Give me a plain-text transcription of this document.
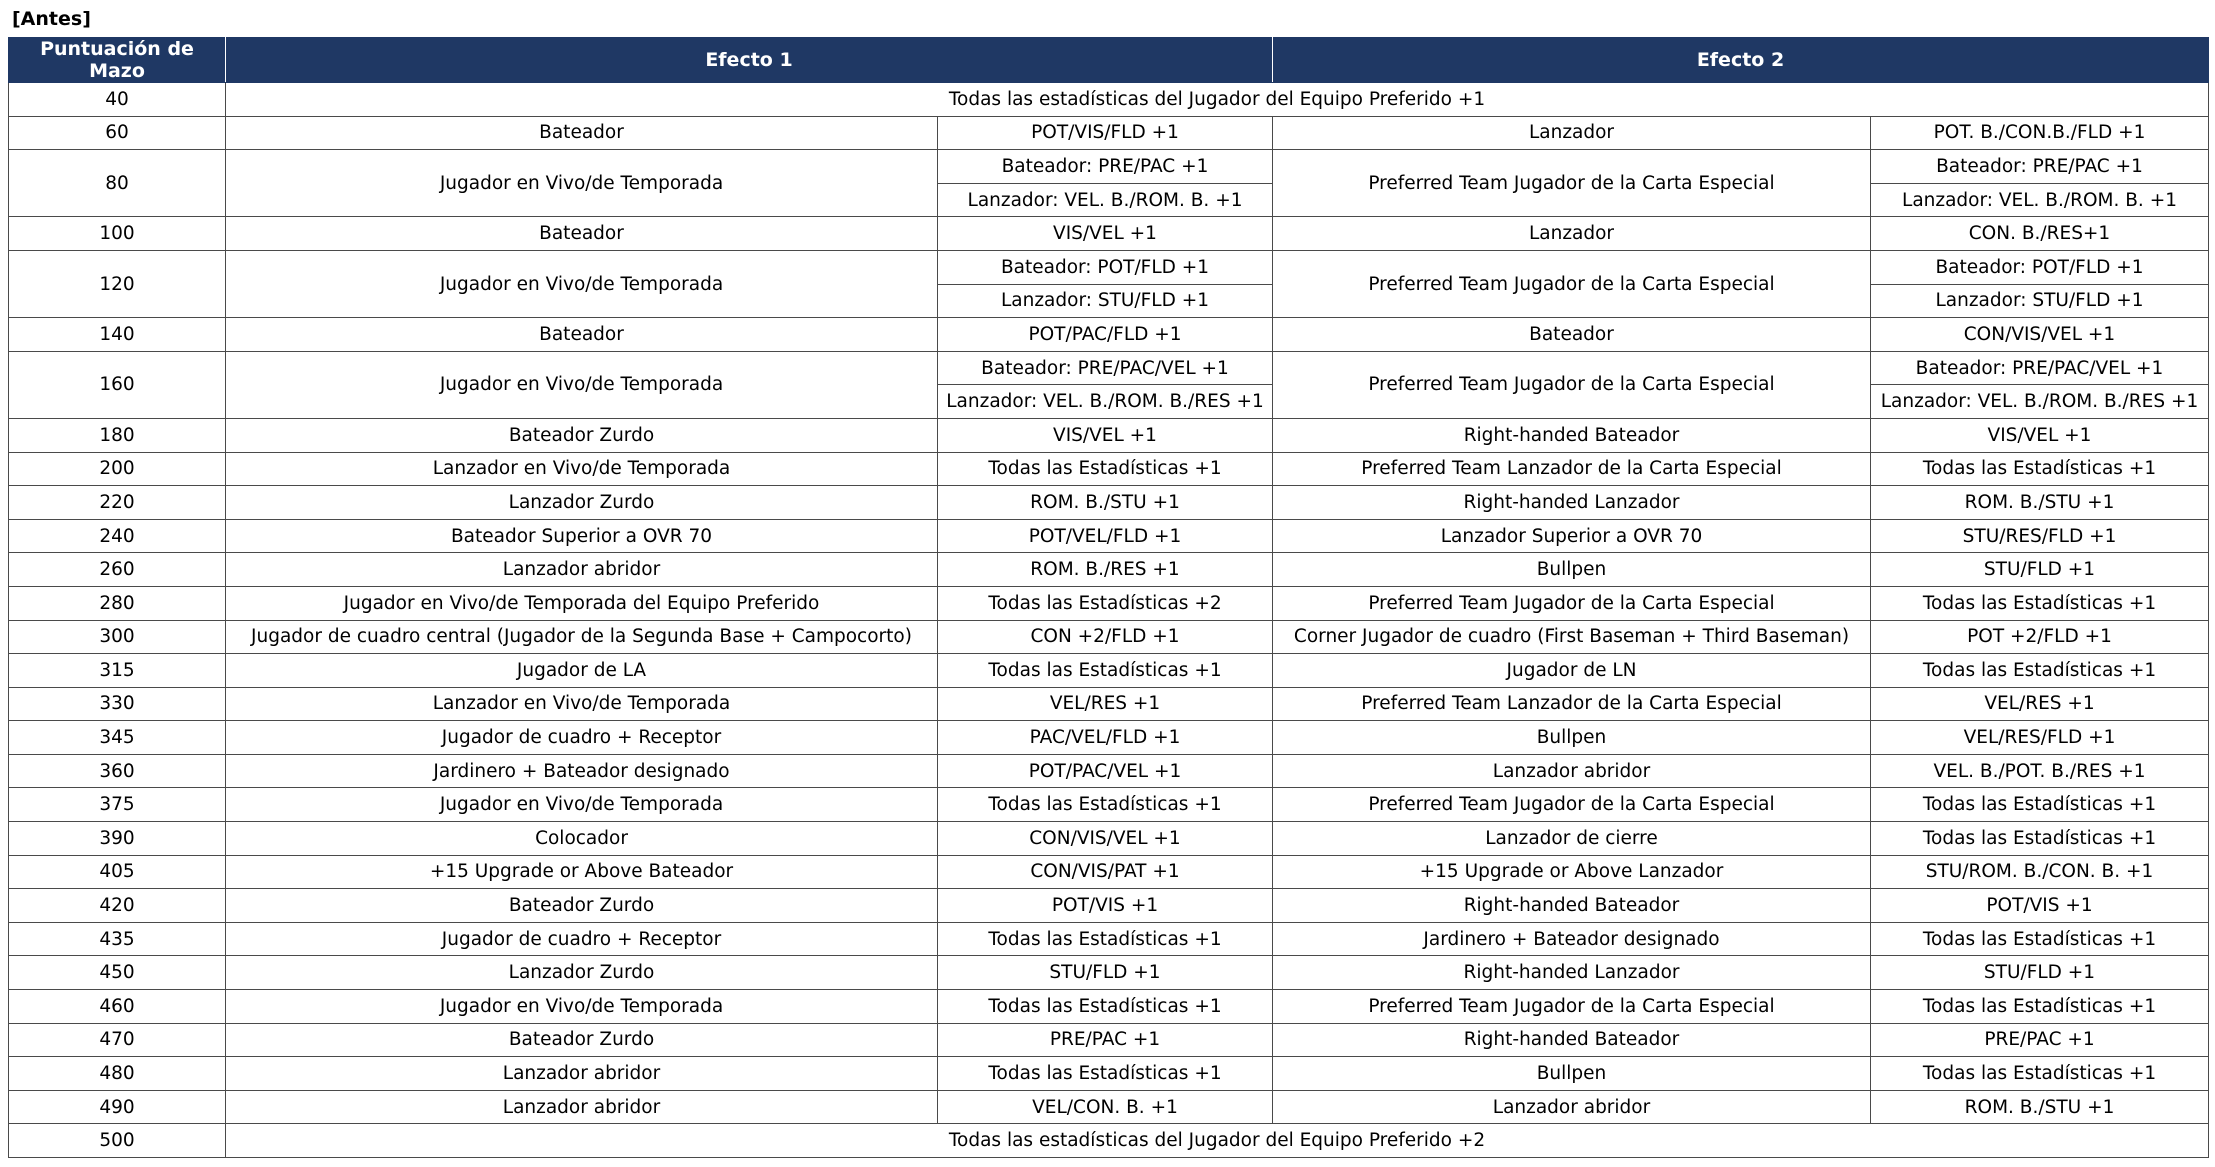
[Antes]
Puntuación de Mazo	Efecto 1		Efecto 2	
40	Todas las estadísticas del Jugador del Equipo Preferido +1			
60	Bateador	POT/VIS/FLD +1	Lanzador	POT. B./CON.B./FLD +1
80	Jugador en Vivo/de Temporada	Bateador: PRE/PAC +1	Preferred Team Jugador de la Carta Especial	Bateador: PRE/PAC +1
		Lanzador: VEL. B./ROM. B. +1		Lanzador: VEL. B./ROM. B. +1
100	Bateador	VIS/VEL +1	Lanzador	CON. B./RES+1
120	Jugador en Vivo/de Temporada	Bateador: POT/FLD +1	Preferred Team Jugador de la Carta Especial	Bateador: POT/FLD +1
		Lanzador: STU/FLD +1		Lanzador: STU/FLD +1
140	Bateador	POT/PAC/FLD +1	Bateador	CON/VIS/VEL +1
160	Jugador en Vivo/de Temporada	Bateador: PRE/PAC/VEL +1	Preferred Team Jugador de la Carta Especial	Bateador: PRE/PAC/VEL +1
		Lanzador: VEL. B./ROM. B./RES +1		Lanzador: VEL. B./ROM. B./RES +1
180	Bateador Zurdo	VIS/VEL +1	Right-handed Bateador	VIS/VEL +1
200	Lanzador en Vivo/de Temporada	Todas las Estadísticas +1	Preferred Team Lanzador de la Carta Especial	Todas las Estadísticas +1
220	Lanzador Zurdo	ROM. B./STU +1	Right-handed Lanzador	ROM. B./STU +1
240	Bateador Superior a OVR 70	POT/VEL/FLD +1	Lanzador Superior a OVR 70	STU/RES/FLD +1
260	Lanzador abridor	ROM. B./RES +1	Bullpen	STU/FLD +1
280	Jugador en Vivo/de Temporada del Equipo Preferido	Todas las Estadísticas +2	Preferred Team Jugador de la Carta Especial	Todas las Estadísticas +1
300	Jugador de cuadro central (Jugador de la Segunda Base + Campocorto)	CON +2/FLD +1	Corner Jugador de cuadro (First Baseman + Third Baseman)	POT +2/FLD +1
315	Jugador de LA	Todas las Estadísticas +1	Jugador de LN	Todas las Estadísticas +1
330	Lanzador en Vivo/de Temporada	VEL/RES +1	Preferred Team Lanzador de la Carta Especial	VEL/RES +1
345	Jugador de cuadro + Receptor	PAC/VEL/FLD +1	Bullpen	VEL/RES/FLD +1
360	Jardinero + Bateador designado	POT/PAC/VEL +1	Lanzador abridor	VEL. B./POT. B./RES +1
375	Jugador en Vivo/de Temporada	Todas las Estadísticas +1	Preferred Team Jugador de la Carta Especial	Todas las Estadísticas +1
390	Colocador	CON/VIS/VEL +1	Lanzador de cierre	Todas las Estadísticas +1
405	+15 Upgrade or Above Bateador	CON/VIS/PAT +1	+15 Upgrade or Above Lanzador	STU/ROM. B./CON. B. +1
420	Bateador Zurdo	POT/VIS +1	Right-handed Bateador	POT/VIS +1
435	Jugador de cuadro + Receptor	Todas las Estadísticas +1	Jardinero + Bateador designado	Todas las Estadísticas +1
450	Lanzador Zurdo	STU/FLD +1	Right-handed Lanzador	STU/FLD +1
460	Jugador en Vivo/de Temporada	Todas las Estadísticas +1	Preferred Team Jugador de la Carta Especial	Todas las Estadísticas +1
470	Bateador Zurdo	PRE/PAC +1	Right-handed Bateador	PRE/PAC +1
480	Lanzador abridor	Todas las Estadísticas +1	Bullpen	Todas las Estadísticas +1
490	Lanzador abridor	VEL/CON. B. +1	Lanzador abridor	ROM. B./STU +1
500	Todas las estadísticas del Jugador del Equipo Preferido +2			
